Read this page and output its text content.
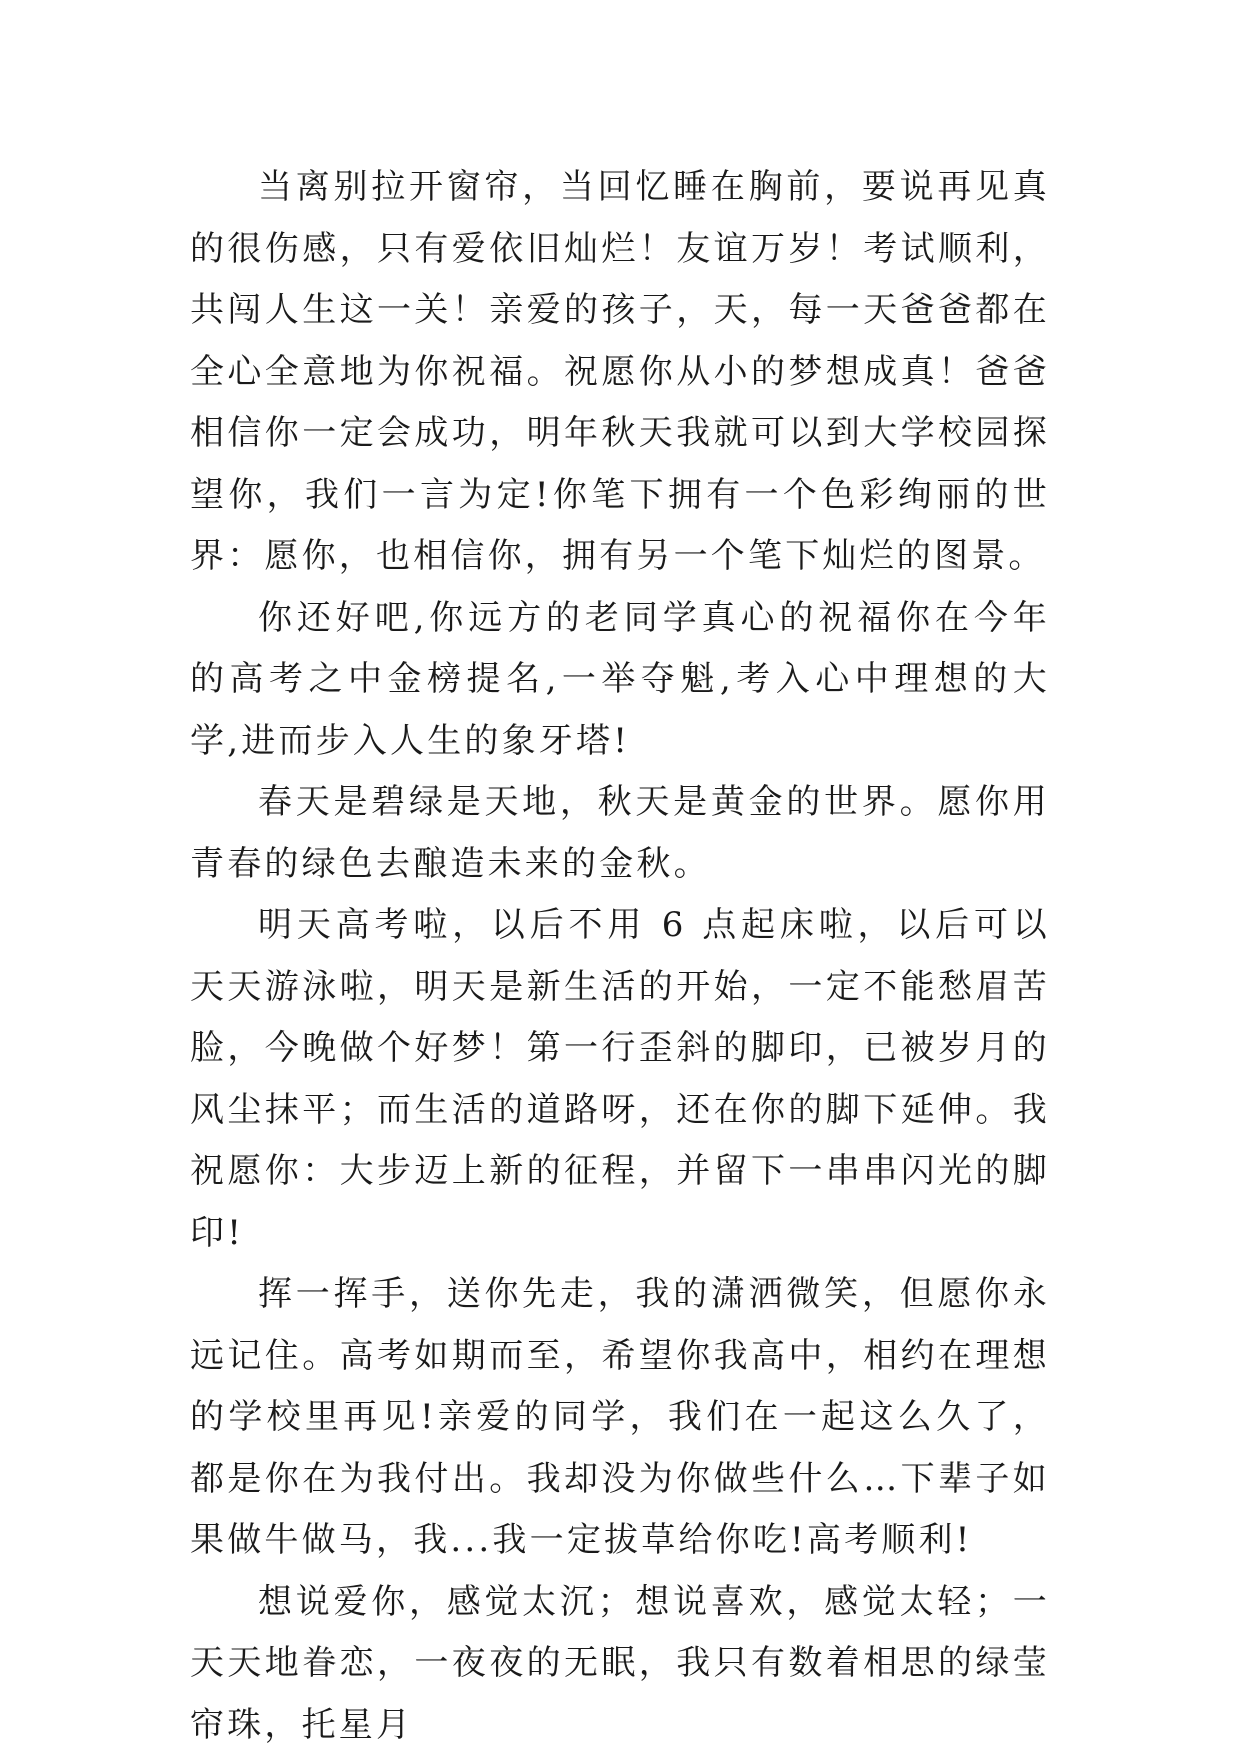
当离别拉开窗帘，当回忆睡在胸前，要说再见真的很伤感，只有爱依旧灿烂！友谊万岁！考试顺利，共闯人生这一关！亲爱的孩子，天，每一天爸爸都在全心全意地为你祝福。祝愿你从小的梦想成真！爸爸相信你一定会成功，明年秋天我就可以到大学校园探望你，我们一言为定!你笔下拥有一个色彩绚丽的世界：愿你，也相信你，拥有另一个笔下灿烂的图景。

你还好吧,你远方的老同学真心的祝福你在今年的高考之中金榜提名,一举夺魁,考入心中理想的大学,进而步入人生的象牙塔!

春天是碧绿是天地，秋天是黄金的世界。愿你用青春的绿色去酿造未来的金秋。

明天高考啦，以后不用 6 点起床啦，以后可以天天游泳啦，明天是新生活的开始，一定不能愁眉苦脸，今晚做个好梦！第一行歪斜的脚印，已被岁月的风尘抹平；而生活的道路呀，还在你的脚下延伸。我祝愿你：大步迈上新的征程，并留下一串串闪光的脚印!

挥一挥手，送你先走，我的潇洒微笑，但愿你永远记住。高考如期而至，希望你我高中，相约在理想的学校里再见!亲爱的同学，我们在一起这么久了，都是你在为我付出。我却没为你做些什么…下辈子如果做牛做马，我...我一定拔草给你吃!高考顺利!

想说爱你，感觉太沉；想说喜欢，感觉太轻；一天天地眷恋，一夜夜的无眠，我只有数着相思的绿莹帘珠，托星月
